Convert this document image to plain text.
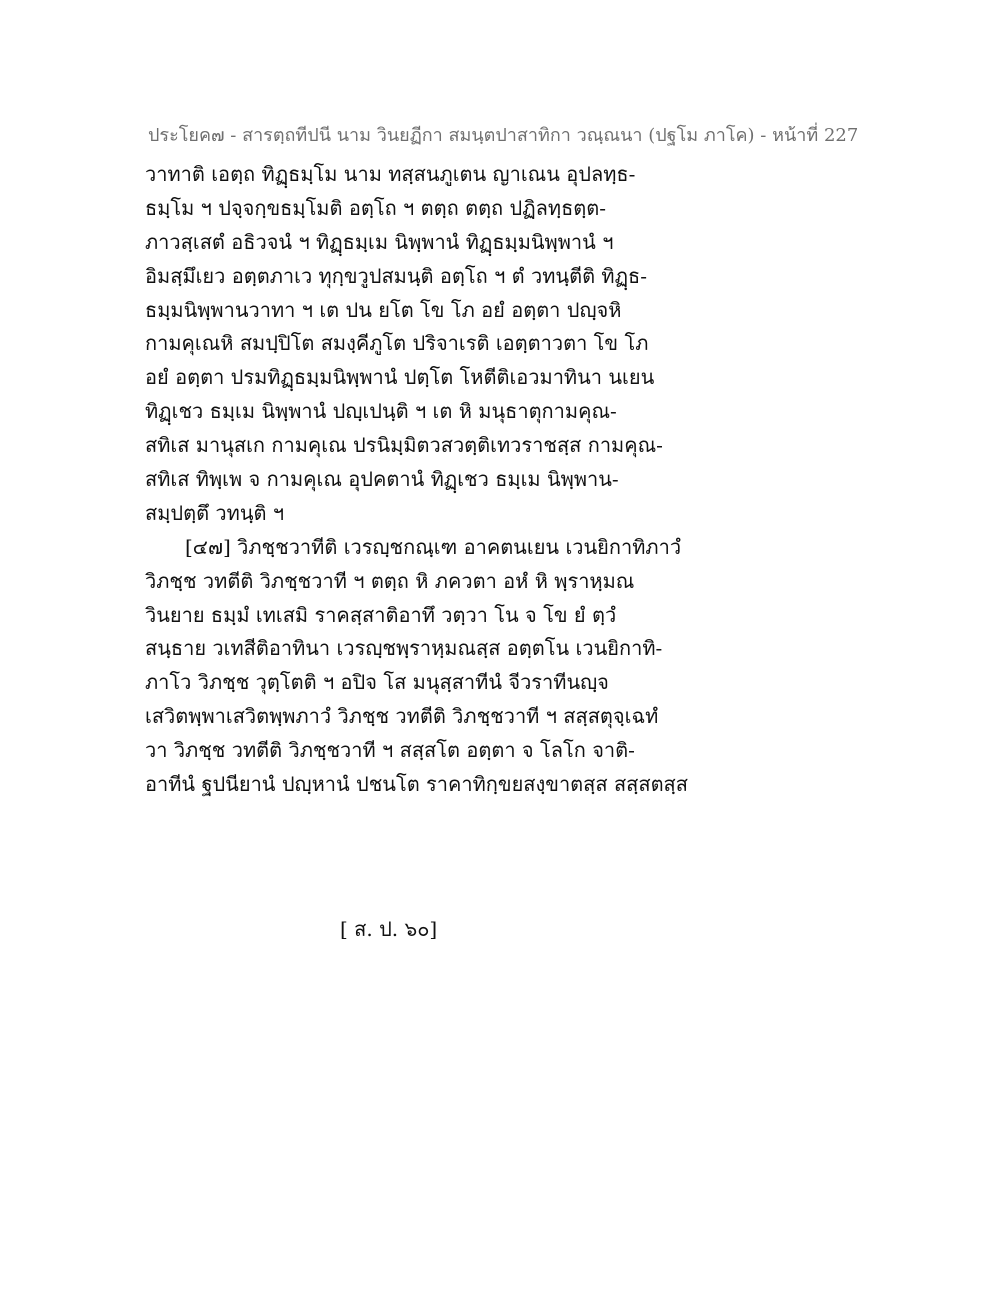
ประโยค๗ - สารตฺถทีปนี นาม วินยฏีกา สมนฺตปาสาทิกา วณฺณนา (ปฐโม ภาโค) - หน้าที่ 227
วาทาติ เอตฺถ ทิฏฺธมฺโม นาม ทสฺสนภูเตน ญาเณน อุปลทฺธ-
ธมฺโม ฯ ปจฺจกฺขธมฺโมติ อตฺโถ ฯ ตตฺถ ตตฺถ ปฏิลทฺธตฺต-
ภาวสฺเสตํ อธิวจนํ ฯ ทิฏฺธมฺเม นิพฺพานํ ทิฏฺธมฺมนิพฺพานํ ฯ
อิมสฺมึเยว อตฺตภาเว ทุกฺขวูปสมนฺติ อตฺโถ ฯ ตํ วทนฺตีติ ทิฏฺธ-
ธมฺมนิพฺพานวาทา ฯ เต ปน ยโต โข โภ อยํ อตฺตา ปญฺจหิ
กามคุเณหิ สมปฺปิโต สมงฺคีภูโต ปริจาเรติ เอตฺตาวตา โข โภ
อยํ อตฺตา ปรมทิฏฺธมฺมนิพฺพานํ ปตฺโต โหตีติเอวมาทินา นเยน
ทิฏฺเชว ธมฺเม นิพฺพานํ ปญฺเปนฺติ ฯ เต หิ มนุธาตุกามคุณ-
สทิเส มานุสเก กามคุเณ ปรนิมฺมิตวสวตฺติเทวราชสฺส กามคุณ-
สทิเส ทิพฺเพ จ กามคุเณ อุปคตานํ ทิฏฺเชว ธมฺเม นิพฺพาน-
สมฺปตฺตึ วทนฺติ ฯ
[๔๗] วิภชฺชวาทีติ เวรญฺชกณฺเฑ อาคตนเยน เวนยิกาทิภาวํ
วิภชฺช วทตีติ วิภชฺชวาที ฯ ตตฺถ หิ ภควตา อหํ หิ พฺราหฺมณ
วินยาย ธมฺมํ เทเสมิ ราคสฺสาติอาทึ วตฺวา โน จ โข ยํ ตฺวํ
สนฺธาย วเทสีติอาทินา เวรญฺชพฺราหฺมณสฺส อตฺตโน เวนยิกาทิ-
ภาโว วิภชฺช วุตฺโตติ ฯ อปิจ โส มนุสฺสาทีนํ จีวราทีนญฺจ
เสวิตพฺพาเสวิตพฺพภาวํ วิภชฺช วทตีติ วิภชฺชวาที ฯ สสฺสตุจฺเฉทํ
วา วิภชฺช วทตีติ วิภชฺชวาที ฯ สสฺสโต อตฺตา จ โลโก จาติ-
อาทีนํ ฐปนียานํ ปญฺหานํ ปชนโต ราคาทิกฺขยสงฺขาตสฺส สสฺสตสฺส
[ ส. ป. ๖๐]
